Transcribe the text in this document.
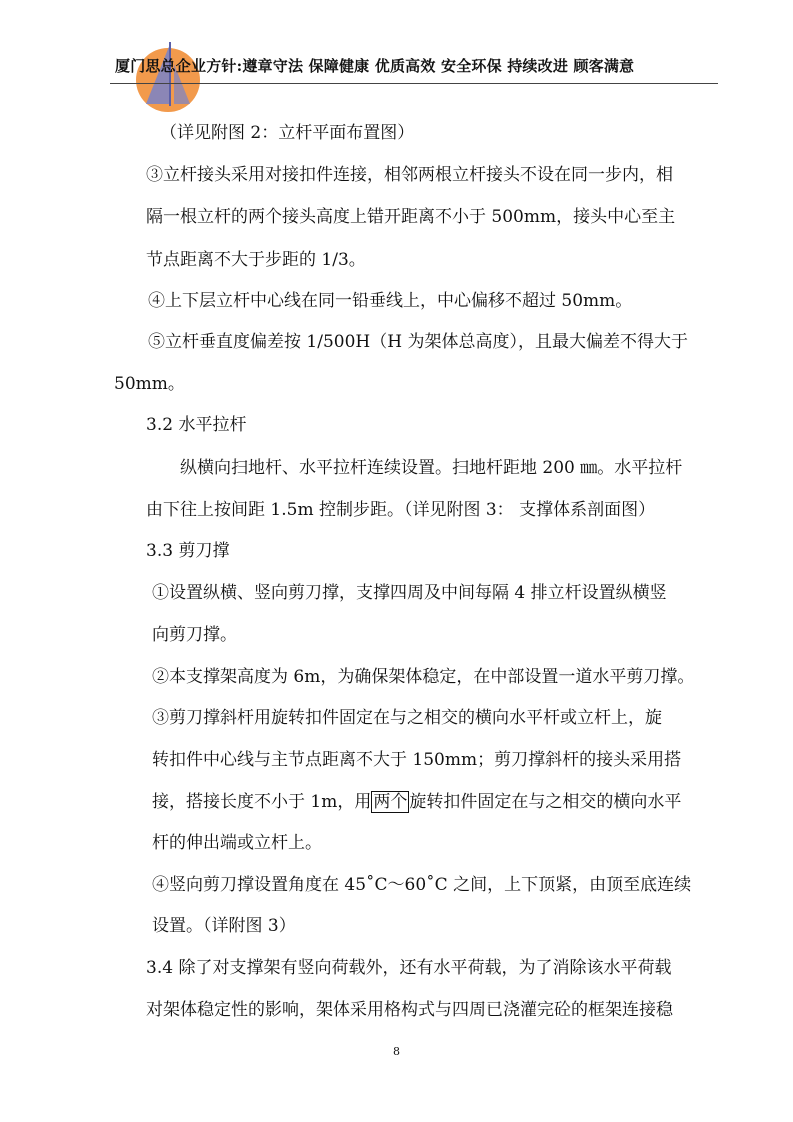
厦门思总企业方针:遵章守法 保障健康 优质高效 安全环保 持续改进 顾客满意
（详见附图 2：立杆平面布置图）
③立杆接头采用对接扣件连接，相邻两根立杆接头不设在同一步内，相
隔一根立杆的两个接头高度上错开距离不小于 500mm，接头中心至主
节点距离不大于步距的 1/3。
④上下层立杆中心线在同一铅垂线上，中心偏移不超过 50mm。
⑤立杆垂直度偏差按 1/500H（H 为架体总高度），且最大偏差不得大于
50mm。
3.2 水平拉杆
纵横向扫地杆、水平拉杆连续设置。扫地杆距地 200 ㎜。水平拉杆
由下往上按间距 1.5m 控制步距。（详见附图 3： 支撑体系剖面图）
3.3 剪刀撑
①设置纵横、竖向剪刀撑，支撑四周及中间每隔 4 排立杆设置纵横竖
向剪刀撑。
②本支撑架高度为 6m，为确保架体稳定，在中部设置一道水平剪刀撑。
③剪刀撑斜杆用旋转扣件固定在与之相交的横向水平杆或立杆上，旋
转扣件中心线与主节点距离不大于 150mm；剪刀撑斜杆的接头采用搭
接，搭接长度不小于 1m，用 两个 旋转扣件固定在与之相交的横向水平
杆的伸出端或立杆上。
④竖向剪刀撑设置角度在 45˚C～60˚C 之间，上下顶紧，由顶至底连续
设置。（详附图 3）
3.4 除了对支撑架有竖向荷载外，还有水平荷载，为了消除该水平荷载
对架体稳定性的影响，架体采用格构式与四周已浇灌完砼的框架连接稳
8
